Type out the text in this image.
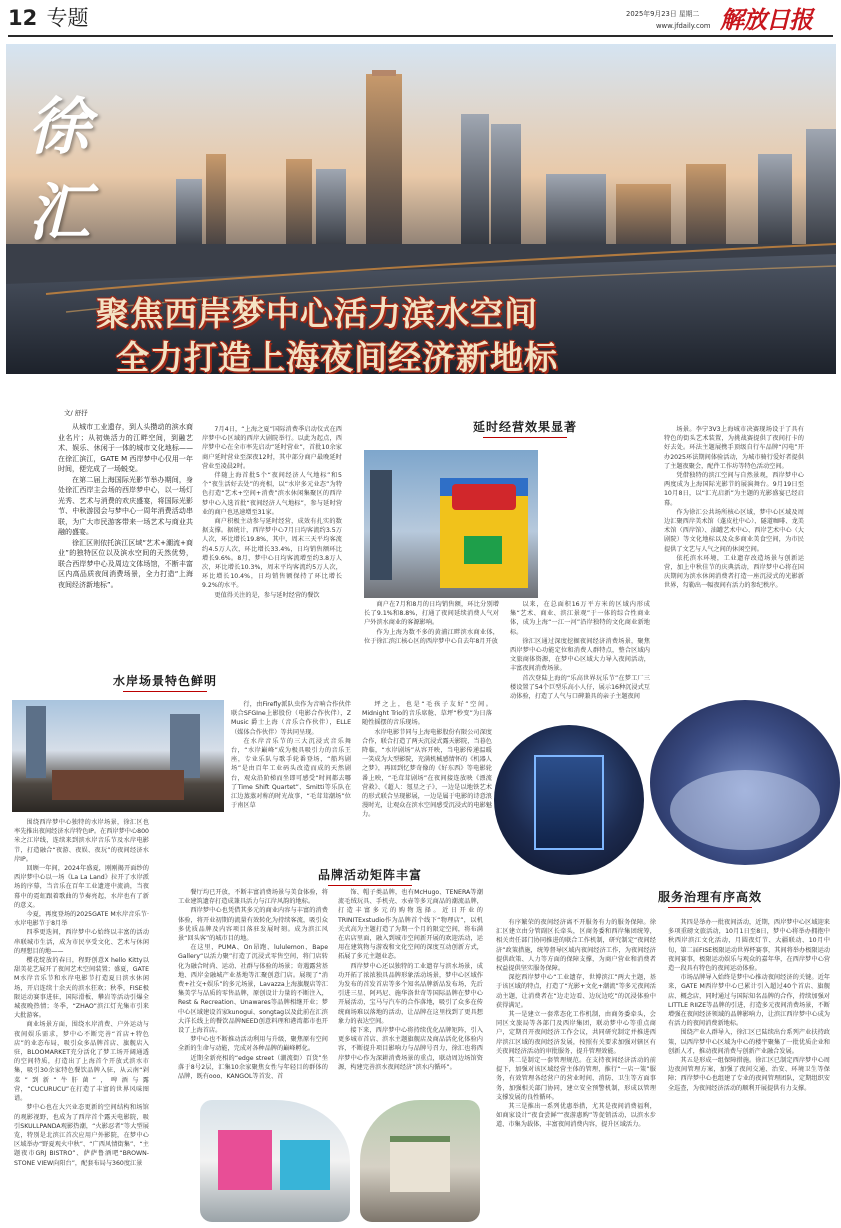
12 专题	2025年9月23日 星期二
www.jfdaily.com 解放日报
徐汇
聚焦西岸梦中心活力滨水空间
全力打造上海夜间经济新地标
文/ 舒抒

从城市工业遗存，到人头攒动的滨水商业名片；从初焕活力的江畔空间，到融艺术、娱乐、休闲于一体的城市文化地标——在徐汇滨江，GATE M 西岸梦中心仅用一年时间，便完成了一场蜕变。

在第二届上海国际光影节举办期间，身处徐汇西岸主会场的西岸梦中心，以一场灯光秀、艺术与消费的欢庆盛宴，将国际光影节、中秋游园会与梦中心一周年消费活动串联，为广大市民游客带来一场艺术与商业共融的盛宴。

徐汇区则依托滨江区域“艺术+潮流+商业”的独特区位以及滨水空间的天然优势，联合西岸梦中心及周边文体场馆，不断丰富区内高品质夜间消费场景，全力打造“上海夜间经济新地标”。

延时经营效果显著

7月4日，“上海之夏”国际消费季启动仪式在西岸梦中心区域的西岸大剧院举行。以此为起点，西岸梦中心在全市率先启动“延时营业”，首批10余家商户延时营业至深夜12时，其中部分商户最晚延时营业至凌晨2时。

伴随上海首批5个“夜间经济人气地标”和5个“夜生活好去处”的亮相，以“水岸多元业态”为特色打造“艺术+空间+消费”滨水休闲集聚区的西岸梦中心入选首批“夜间经济人气地标”，参与延时营业的商户也迅速增至31家。

商户积极主动参与延时经营，成效有扎实的数据支撑。据统计，西岸梦中心7月日均客流约3.5万人次，环比增长19.8%，其中，周末三天平均客流约4.5万人次，环比增长33.4%，日均销售额环比增长9.6%。8月，梦中心日均客流增至约3.8万人次，环比增长10.3%，周末平均客流约5万人次，环比增长10.4%，日均销售额保持了环比增长9.2%的水平。

更值得关注的是，参与延时经营的餐饮

商户在7月和8月的日均销售额，环比分别增长了9.1%和8.8%，打通了夜间延续消费人气对户外滨水商业的客源影响。

作为上海为数不多的黄浦江畔滨水商业体，位于徐汇滨江核心区的西岸梦中心自去年8月开放

以来，在总面积16万平方米的区域内形成集“艺术、商业、滨江景观”于一体的综合性商业体，成为上海“一江一河”沿岸独特的文化商业新地标。

徐汇区通过深度挖掘夜间经济消费场景，聚焦西岸梦中心功能定位和消费人群特点，整合区域内文旅商体资源，在梦中心区域大力导入夜间活动，丰富夜间消费场景。

首次登陆上海的“乐高世界玩乐节”在梦工厂三楼设置了54个巨型乐高小人仔，展示16种沉浸式互动体验，打造了人气与口碑兼具的亲子主题夜间

场景。李宁3V3上海城市决赛现场设于了具有特色的街头艺术装置，为挑战赛提供了夜间打卡的好去处。环法主题展携手顶级自行车品牌“闪电”开办2025环法期间体验活动，为城市骑行爱好者提供了主题夜聚会，配件工作坊等特色活动空间。

凭借独特的滨江空间与自然景观，西岸梦中心两度成为上海国际光影节的展演舞台。9月19日至10月8日，以“汇光启新”为主题的光影盛宴已经启幕。

作为徐汇公共场所核心区域，梦中心区域及周边汇聚西岸美术馆（蓬皮杜中心）、隧道咖啡、龙美术馆（西岸馆）、油罐艺术中心、西岸艺术中心（大剧院）等文化地标以及众多商业美食空间，为市民提供了文艺与人气之间的休闲空间。

依托滨水环境，工业遗存改造场景与创新运营，加上中秋佳节的庆典活动，西岸梦中心将在国庆期间为滨水休闲消费者打造一座沉浸式的光影新世界，勾勒出一幅夜间有活力的参纪秩序。

水岸场景特色鲜明

围绕西岸梦中心独特的水岸场景，徐汇区也率先推出夜间经济水岸特色IP。在西岸梦中心800米之江岸线，连续来到滨水岸音乐节及水岸电影节，打造融合“夜游、夜娱、夜玩”的夜间经济水岸IP。

回顾一年间，2024年盛夏，刚刚揭开面纱的西岸梦中心以一场《La La Land》拉开了水岸派场的序幕，当音乐在百年工业遗迹中流淌，当夜幕中的霓虹跟着歌曲的节奏亮起，水岸也有了新的意义。

今夏，再度登场的2025GATE M水岸音乐节·水岸电影节于8月举

四季更迭间，西岸梦中心始终以丰富的活动串联城市生活，成为市民享受文化、艺术与休闲的理想目的地——

樱花绽放的春日，程野创意X hello Kitty以甜美花艺展开了夜间艺术空间装置；盛夏，GATE M水岸音乐节和水岸电影节打造夏日滨水休闲场，开启连续十余天的滨水狂欢；秋季，FISE极限运动赛事进驻，国际滑板、攀岩等活动引爆全城夜晚热情；冬季，“ZHAO”滨江灯光集市引来大批游客。

商业场景方面，围绕水岸消费、户外运动与夜间娱乐需求，梦中心不断完善“首店+特色店”的业态布局，吸引众多品牌首店、旗舰店入驻，BLOOMARKET充分活化了梦工场开阔通透的空间特质，打造出了上海首个开放式滨水市集，吸引30余家特色餐饮品牌入驻，从云南“剁菜”到新“牛肝菌”，啤酒与露营，“CUCURUCU”在打造了丰富的世界风味图谱。

梦中心也在大兴业态更新的空间结构和场馆的观影视野，也成为了西岸首个露天电影院，吸引SKULLPANDA观影热潮，“火影忍者”等大型展览，特别是北滨江首次应用户外影院，在梦中心区域举办“野夏观火中秋”、“广西风情街集”、“主题夜市GRJ BISTRO”、萨萨鲁酒吧“BROWN-STONE VIEW向阳台”，配套布局与360度江景

行，由Firefly派队虫作为音响合作伙伴联合SFGIne上影股份（电影合作伙伴），Z Music 爵士上海（音乐合作伙伴），ELLE（媒体合作伙伴）等共同呈现。

在水岸音乐节的三大沉浸式音乐舞台，“水岸巅峰”成为极具吸引力的音乐王座，专业乐队与歌手轮番登场，“船坞剧场”是由百年工业码头改造而成的天然剧台，观众沿阶梯而坐即可感受“时间都去哪了Time Shift Quartet”、Smitti等乐队在江边蒸蒸对称的时光故事，“毛茸茸潮场”位于南区草

坪之上，也是“毛孩子友好”空间。Midnight Trio的音乐席舱、草坪“秒变”为日落随性摇摆的音乐现场。

水岸电影节同与上海电影股份有限公司深度合作，联合打造了两天沉浸式露天影院，当暮色降临，“水岸剧场”从容开映，当电影传递温暖一笑成为大型影院，充满机械感情怀的《机器人之梦》，再回到忆梦奇像的《好东西》等电影轮番上映，“毛茸茸剧场”在夜间接连放映《漂流营救》、《超人：氪星之子》，一边是以地铁艺术的形式联合呈现影展，一边是属于电影的诗意浪漫时光，让观众在滨水空间感受沉浸式的电影魅力。

品牌活动矩阵丰富

餐厅均已开放，不断丰富消费场景与美食体验，将工业建筑遗存打造成兼具活力与江岸风韵的地标。

西岸梦中心也凭借其多元的商业内容与丰富的消费体验，将开业初期的流量有效转化为持续客流，吸引众多优质品牌及内容项目落驻发展时刻。成为滨江风景“回头客”的城市目的地。

在这里，PUMA、On昂跑、lululemon、Bape Gallery“以活力聚”打造了沉浸式零售空间，将门店转化为融合时尚、运动、社群与体验的场景；奇遇露营基地、西岸金融城产业基地等汇聚创意门店。展现了“消费+社交+娱乐”的多元场景，Lavazza上海旗舰店等汇集美学与品质的零售品牌，原创设计力量的不断注入，Rest & Recreation、Unawares等品牌相继开业；梦中心区域建设首家kunogui、songtag以及此前在汇滨大洋长线上的餐饮品牌NEED创意料理和港湾都市也开设了上海首店。

梦中心也不断推动活动利用与升级，聚焦原有空间全新的生命与动能，完成对各种品牌的巅峰孵化。

近期全新亮相的“edge street（潮流街）百货”坐落于8号2层，汇集10余家聚焦女性与年轻目的群体的品牌，既有ooo、KANGOL等首发、首

饰、帽子类品牌，也有McHugo、TENERA等潮流毛绒玩具、手机壳、水壶等多元商品的潮流品牌，打造丰富多元的购物选择。近日开业的TRINITExstudio作为品牌首个线下“物理店”，以机关式高为主题打造了为期一个月的限定空间，将布满在店店里面，融入到城市空间新开展的欢迎活动，运用在建筑物与游戏和文化空间的深度互动创新方式，拓展了多元主题业态。

西岸梦中心还以独特的工业遗存与滨水场景，成功开拓了浓浓独具品牌形象活动场景，梦中心区域作为发布的首发首店等多个知名品牌新品发布场，先后引进三星、阿玛尼、施华洛世奇等国际品牌在梦中心开展活动，宝马与汽车的合作落地，吸引了众多在传统商场难以落地的活动，让品牌在这里找到了更具想象力的表达空间。

接下来，西岸梦中心将持续优化品牌矩阵，引入更多城市首店、滨水主题旗舰店及商品活化化体验内容，不断提升项目影响力与品牌号召力，徐汇也将西岸梦中心作为深耕消费场景的重点，联动周边场馆资源，构建完善滨水夜间经济“滨水内循环”。

服务治理有序高效

有序繁荣的夜间经济离不开服务有力的服务保障。徐汇区建立由分管副区长牵头，区商务委和西岸集团统筹，相关责任部门协同推进的联合工作机制，研究制定“夜间经济”政策措施，统筹督导区域内夜间经济工作，为夜间经济提供政策、人力等方面的保障支撑，为商户营业和消费者权益提供坚实服务保障。

深挖西岸梦中心“工业遗存，世博滨江”两大主题，基于该区域的特点，打造了“光影+文化+潮流”等多元夜间活动主题，让消费者在“边走边看、边玩边吃”的沉浸体验中获得满足。

其一是建立一套常态化工作机制，由商务委牵头，会同区文旅局等各部门及西岸集团，联动梦中心等重点商户，定期召开夜间经济工作会议，共同研究制定并推进西岸滨江区域的夜间经济发展，按照有关要求加强对辖区有关夜间经济活动的审批服务，提升管理效能。

其二是制定一套管理规范。在支持夜间经济活动的前提下，加强对该区域经营主体的管理，推行“一店一策”服务，有效管理各经营户的营业时间、消防、卫生等方面事务，加强相关部门协同，建立安全预警机制，形成以管理支撑发展的良性循环。

其三是推出一系列优惠举措，尤其是夜间消费福利，如商家设计“夜食尝鲜”“夜游惠购”等促销活动，以滨水步道、市集为载体，丰富夜间消费内容，提升区域活力。

其四是举办一批夜间活动，近期，西岸梦中心区域迎来多项重磅文旅活动，10月1日至8日，梦中心将举办拥抱中秋西岸滨江文化活动，月圆夜灯节、大疆联动、10月中旬，第二届FISE极限运动世界杯赛事，其间将举办极限运动夜间赛事，极限运动娱乐与观众的嘉年华，在西岸梦中心营造一段具有特色的夜间运动体验。

市场品牌导入始终是梦中心推动夜间经济的关键。近年来，GATE M西岸梦中心已累计引入超过40个首店、旗舰店、概念店，同时通过与国际知名品牌的合作，持续加强对LITTLE RIIZE等品牌的引进，打造多元夜间消费场景，不断增强在夜间经济领域的品牌影响力，让滨江西岸梦中心成为有活力的夜间消费新地标。

围绕产业人群导入，徐汇区已陆续出台系列产业扶持政策，以西岸梦中心区域为中心的楼宇聚集了一批优质企业和创新人才，推动夜间消费与创新产业融合发展。

其五是形成一组保障措施。徐汇区已制定西岸梦中心周边夜间管理方案，加强了夜间交通、治安、环境卫生等保障；西岸梦中心也组建了专业的夜间管理团队，定期组织安全巡查，为夜间经济活动的顺利开展提供有力支撑。
